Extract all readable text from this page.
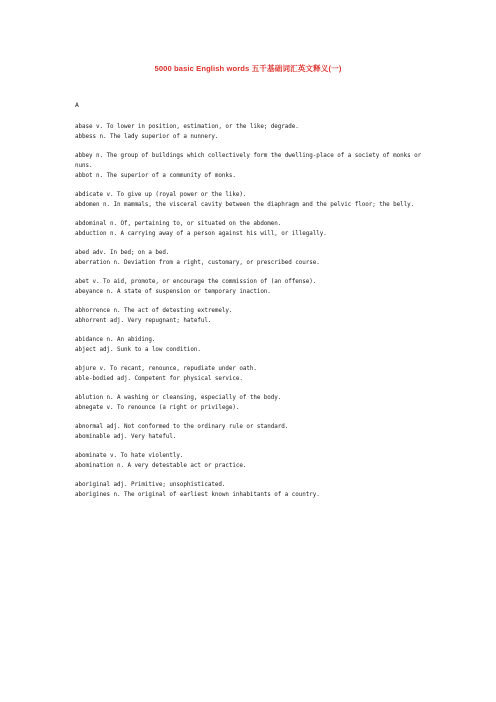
5000 basic English words 五千基础词汇英文释义(一)
A
abase v. To lower in position, estimation, or the like; degrade.
abbess n. The lady superior of a nunnery.
abbey n. The group of buildings which collectively form the dwelling-place of a society of monks or nuns.
abbot n. The superior of a community of monks.
abdicate v. To give up (royal power or the like).
abdomen n. In mammals, the visceral cavity between the diaphragm and the pelvic floor; the belly.
abdominal n. Of, pertaining to, or situated on the abdomen.
abduction n. A carrying away of a person against his will, or illegally.
abed adv. In bed; on a bed.
aberration n. Deviation from a right, customary, or prescribed course.
abet v. To aid, promote, or encourage the commission of (an offense).
abeyance n. A state of suspension or temporary inaction.
abhorrence n. The act of detesting extremely.
abhorrent adj. Very repugnant; hateful.
abidance n. An abiding.
abject adj. Sunk to a low condition.
abjure v. To recant, renounce, repudiate under oath.
able-bodied adj. Competent for physical service.
ablution n. A washing or cleansing, especially of the body.
abnegate v. To renounce (a right or privilege).
abnormal adj. Not conformed to the ordinary rule or standard.
abominable adj. Very hateful.
abominate v. To hate violently.
abomination n. A very detestable act or practice.
aboriginal adj. Primitive; unsophisticated.
aborigines n. The original of earliest known inhabitants of a country.
